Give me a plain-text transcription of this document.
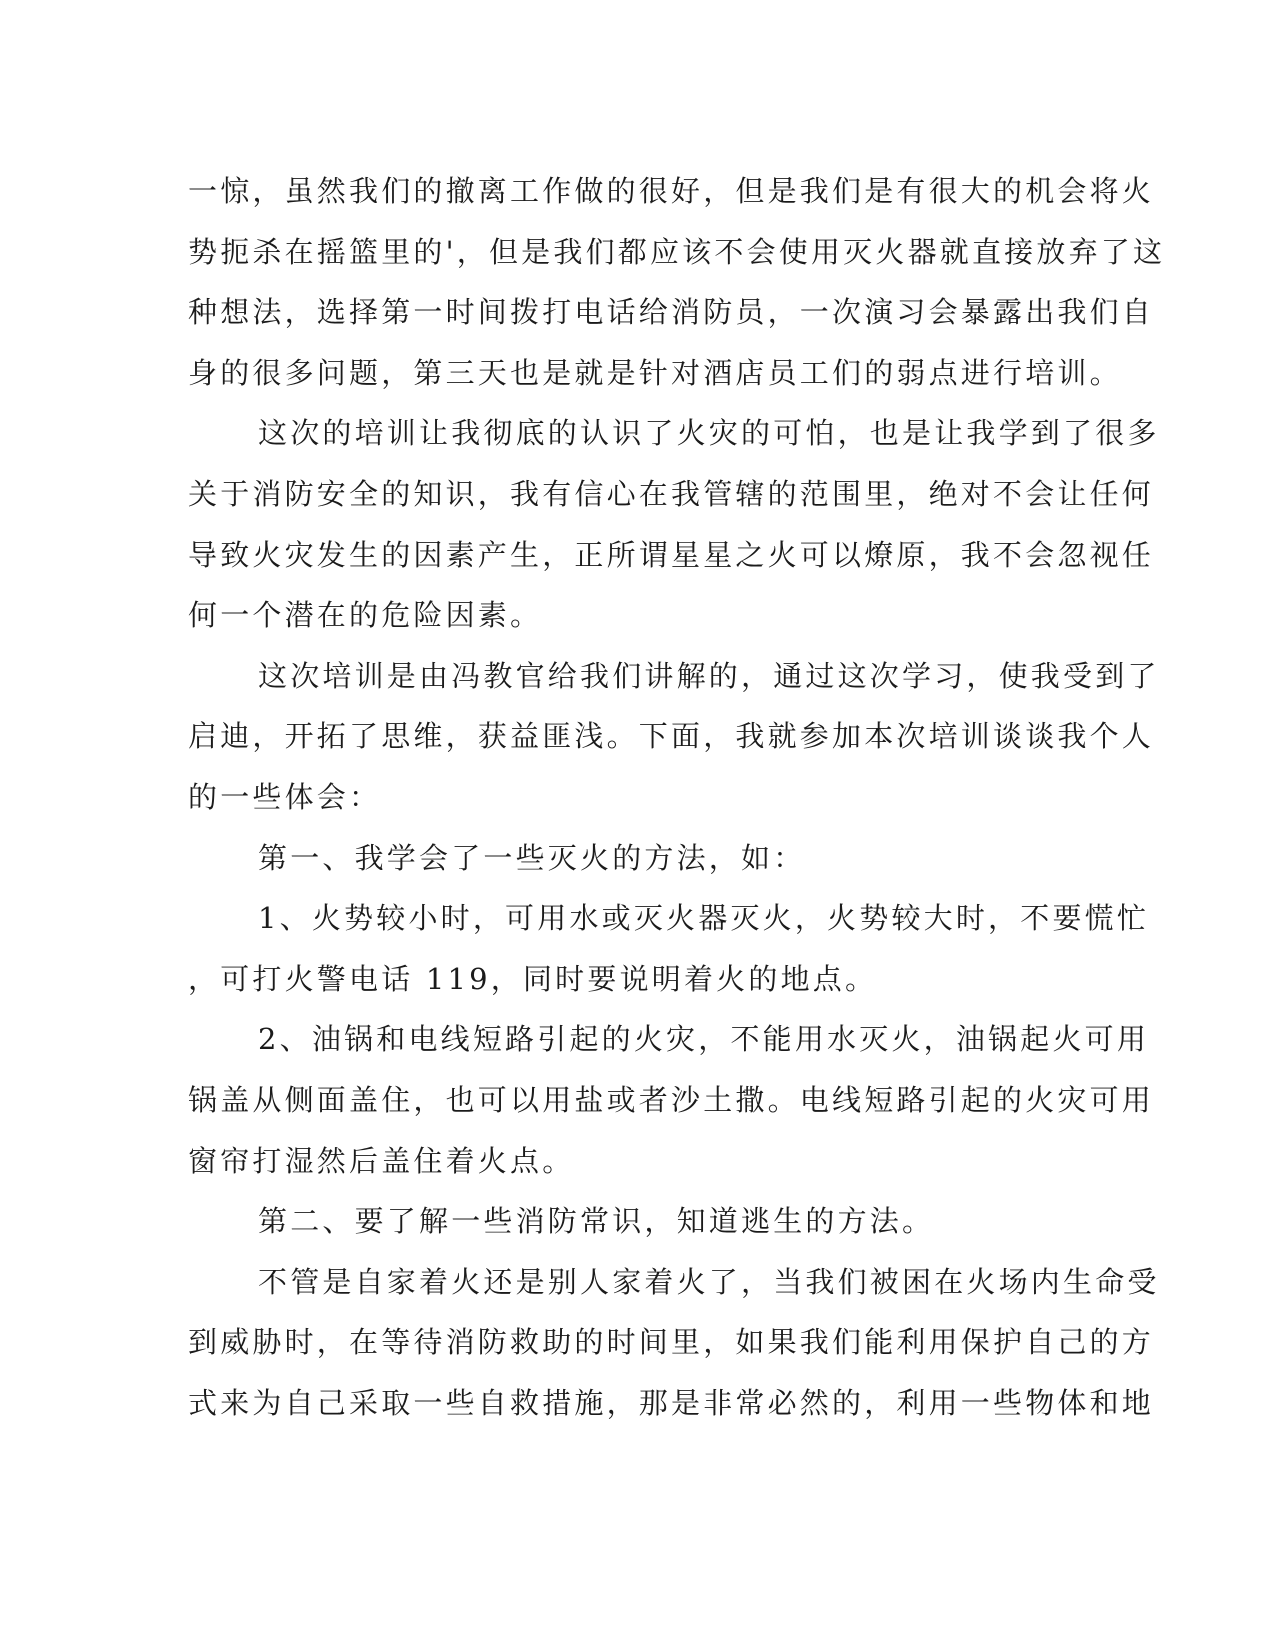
一惊，虽然我们的撤离工作做的很好，但是我们是有很大的机会将火
势扼杀在摇篮里的'，但是我们都应该不会使用灭火器就直接放弃了这
种想法，选择第一时间拨打电话给消防员，一次演习会暴露出我们自
身的很多问题，第三天也是就是针对酒店员工们的弱点进行培训。
这次的培训让我彻底的认识了火灾的可怕，也是让我学到了很多
关于消防安全的知识，我有信心在我管辖的范围里，绝对不会让任何
导致火灾发生的因素产生，正所谓星星之火可以燎原，我不会忽视任
何一个潜在的危险因素。
这次培训是由冯教官给我们讲解的，通过这次学习，使我受到了
启迪，开拓了思维，获益匪浅。下面，我就参加本次培训谈谈我个人
的一些体会：
第一、我学会了一些灭火的方法，如：
1、火势较小时，可用水或灭火器灭火，火势较大时，不要慌忙
，可打火警电话 119，同时要说明着火的地点。
2、油锅和电线短路引起的火灾，不能用水灭火，油锅起火可用
锅盖从侧面盖住，也可以用盐或者沙土撒。电线短路引起的火灾可用
窗帘打湿然后盖住着火点。
第二、要了解一些消防常识，知道逃生的方法。
不管是自家着火还是别人家着火了，当我们被困在火场内生命受
到威胁时，在等待消防救助的时间里，如果我们能利用保护自己的方
式来为自己采取一些自救措施，那是非常必然的，利用一些物体和地
